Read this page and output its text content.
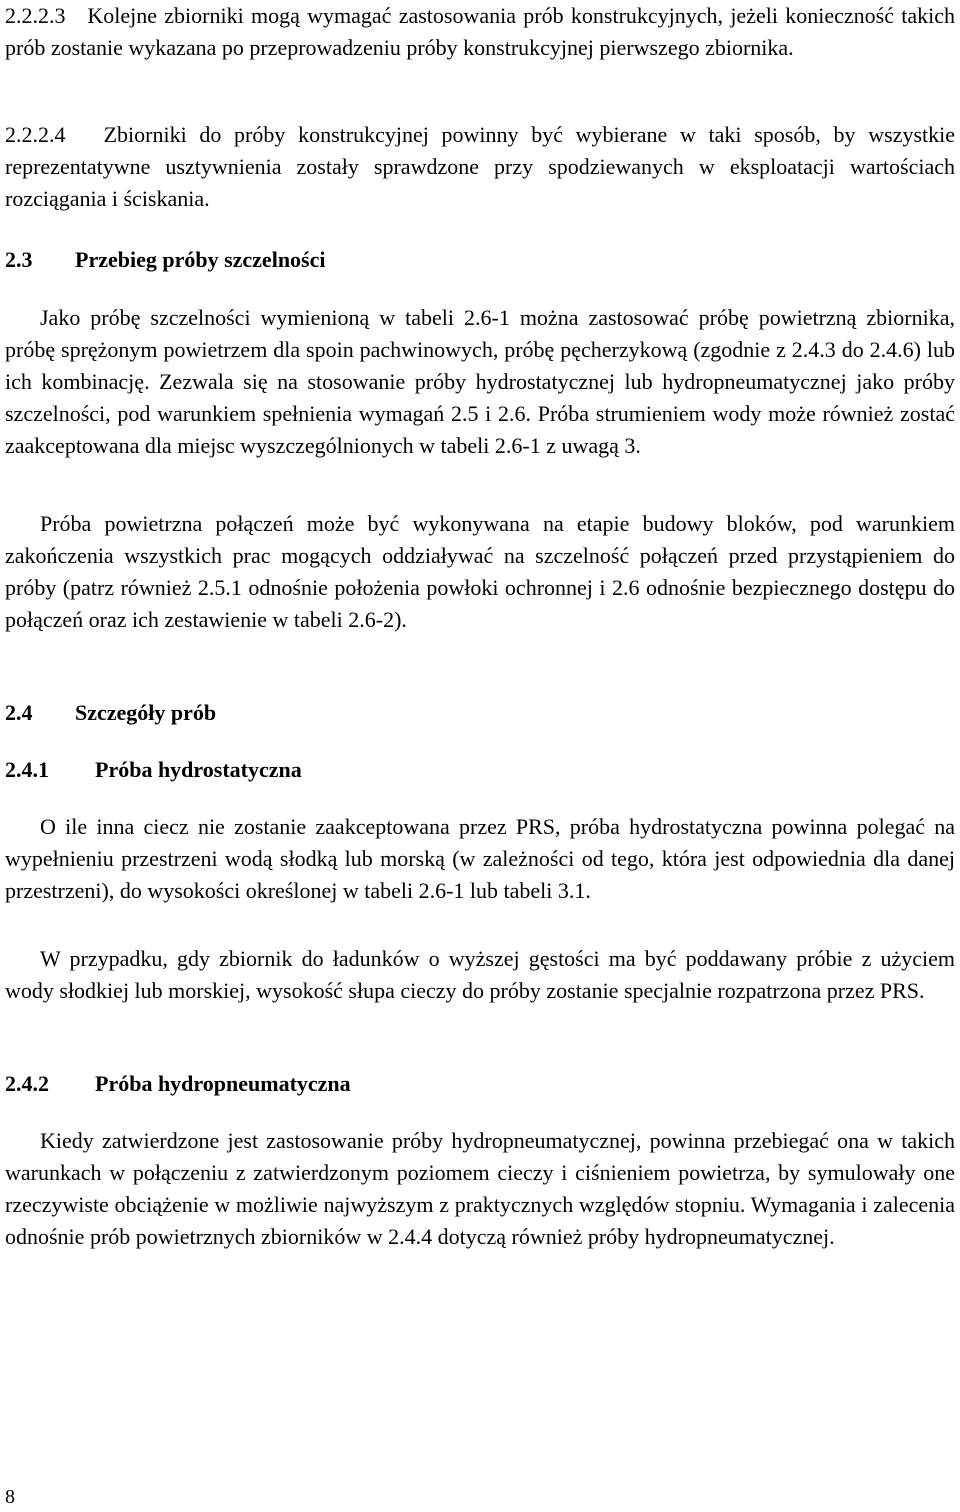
2.2.2.3 Kolejne zbiorniki mogą wymagać zastosowania prób konstrukcyjnych, jeżeli konieczność takich prób zostanie wykazana po przeprowadzeniu próby konstrukcyjnej pierwszego zbiornika.

2.2.2.4 Zbiorniki do próby konstrukcyjnej powinny być wybierane w taki sposób, by wszystkie reprezentatywne usztywnienia zostały sprawdzone przy spodziewanych w eksploatacji wartościach rozciągania i ściskania.

2.3 Przebieg próby szczelności

Jako próbę szczelności wymienioną w tabeli 2.6-1 można zastosować próbę powietrzną zbiornika, próbę sprężonym powietrzem dla spoin pachwinowych, próbę pęcherzykową (zgodnie z 2.4.3 do 2.4.6) lub ich kombinację. Zezwala się na stosowanie próby hydrostatycznej lub hydropneumatycznej jako próby szczelności, pod warunkiem spełnienia wymagań 2.5 i 2.6. Próba strumieniem wody może również zostać zaakceptowana dla miejsc wyszczególnionych w tabeli 2.6-1 z uwagą 3.

Próba powietrzna połączeń może być wykonywana na etapie budowy bloków, pod warunkiem zakończenia wszystkich prac mogących oddziaływać na szczelność połączeń przed przystąpieniem do próby (patrz również 2.5.1 odnośnie położenia powłoki ochronnej i 2.6 odnośnie bezpiecznego dostępu do połączeń oraz ich zestawienie w tabeli 2.6-2).

2.4 Szczegóły prób
2.4.1 Próba hydrostatyczna

O ile inna ciecz nie zostanie zaakceptowana przez PRS, próba hydrostatyczna powinna polegać na wypełnieniu przestrzeni wodą słodką lub morską (w zależności od tego, która jest odpowiednia dla danej przestrzeni), do wysokości określonej w tabeli 2.6-1 lub tabeli 3.1.

W przypadku, gdy zbiornik do ładunków o wyższej gęstości ma być poddawany próbie z użyciem wody słodkiej lub morskiej, wysokość słupa cieczy do próby zostanie specjalnie rozpatrzona przez PRS.

2.4.2 Próba hydropneumatyczna

Kiedy zatwierdzone jest zastosowanie próby hydropneumatycznej, powinna przebiegać ona w takich warunkach w połączeniu z zatwierdzonym poziomem cieczy i ciśnieniem powietrza, by symulowały one rzeczywiste obciążenie w możliwie najwyższym z praktycznych względów stopniu. Wymagania i zalecenia odnośnie prób powietrznych zbiorników w 2.4.4 dotyczą również próby hydropneumatycznej.

8
